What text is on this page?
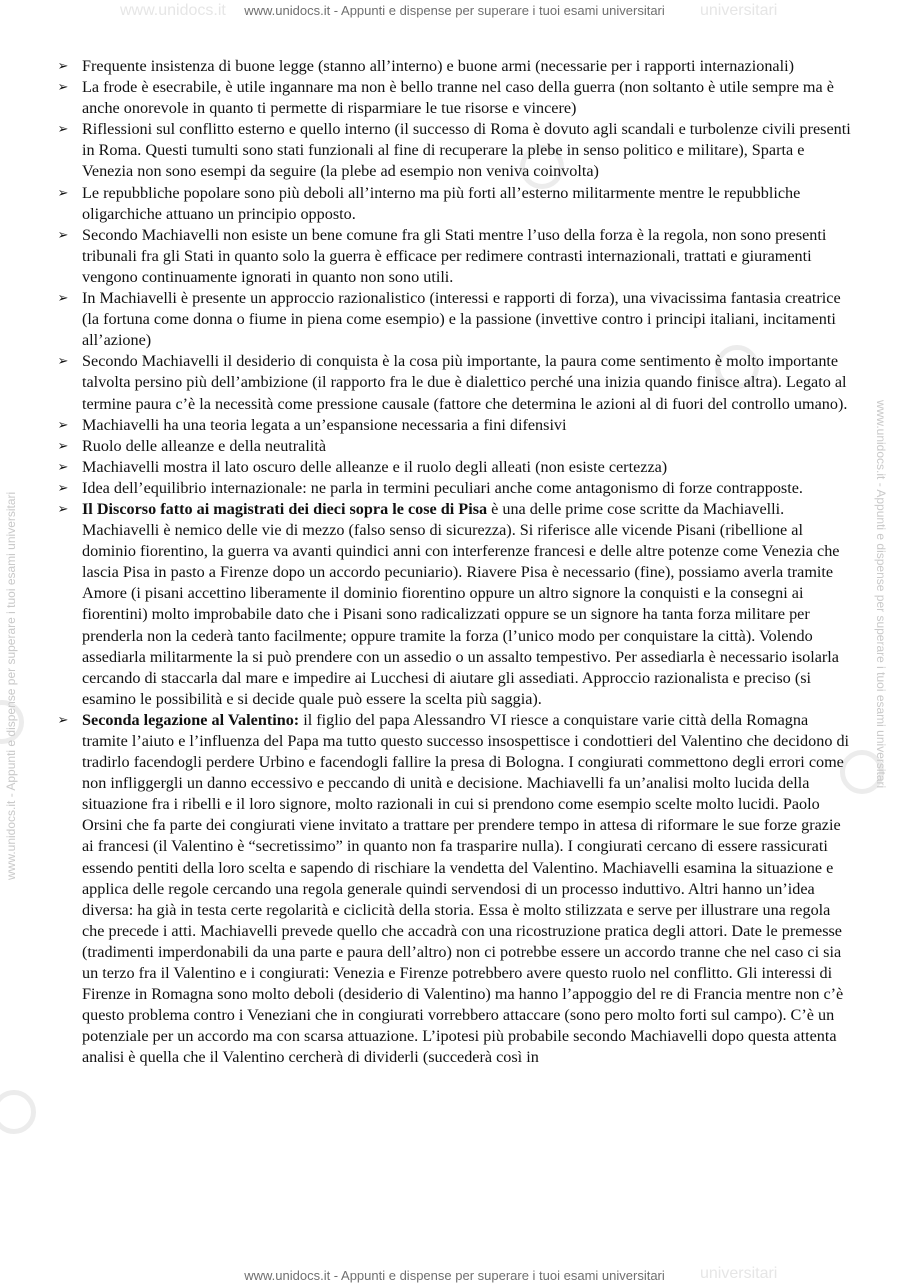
www.unidocs.it	universitari
universitari
www.unidocs.it - Appunti e dispense per superare i tuoi esami universitari
www.unidocs.it - Appunti e dispense per superare i tuoi esami universitari	www.unidocs.it - Appunti e dispense per superare i tuoi esami universitari
➢ Frequente insistenza di buone legge (stanno all’interno) e buone armi (necessarie per i rapporti internazionali)
➢ La frode è esecrabile, è utile ingannare ma non è bello tranne nel caso della guerra (non soltanto è utile sempre ma è anche onorevole in quanto ti permette di risparmiare le tue risorse e vincere)
➢ Riflessioni sul conflitto esterno e quello interno (il successo di Roma è dovuto agli scandali e turbolenze civili presenti in Roma. Questi tumulti sono stati funzionali al fine di recuperare la plebe in senso politico e militare), Sparta e Venezia non sono esempi da seguire (la plebe ad esempio non veniva coinvolta)
➢ Le repubbliche popolare sono più deboli all’interno ma più forti all’esterno militarmente mentre le repubbliche oligarchiche attuano un principio opposto.
➢ Secondo Machiavelli non esiste un bene comune fra gli Stati mentre l’uso della forza è la regola, non sono presenti tribunali fra gli Stati in quanto solo la guerra è efficace per redimere contrasti internazionali, trattati e giuramenti vengono continuamente ignorati in quanto non sono utili.
➢ In Machiavelli è presente un approccio razionalistico (interessi e rapporti di forza), una vivacissima fantasia creatrice (la fortuna come donna o fiume in piena come esempio) e la passione (invettive contro i principi italiani, incitamenti all’azione)
➢ Secondo Machiavelli il desiderio di conquista è la cosa più importante, la paura come sentimento è molto importante talvolta persino più dell’ambizione (il rapporto fra le due è dialettico perché una inizia quando finisce altra). Legato al termine paura c’è la necessità come pressione causale (fattore che determina le azioni al di fuori del controllo umano).
➢ Machiavelli ha una teoria legata a un’espansione necessaria a fini difensivi
➢ Ruolo delle alleanze e della neutralità
➢ Machiavelli mostra il lato oscuro delle alleanze e il ruolo degli alleati (non esiste certezza)
➢ Idea dell’equilibrio internazionale: ne parla in termini peculiari anche come antagonismo di forze contrapposte.
➢ Il Discorso fatto ai magistrati dei dieci sopra le cose di Pisa è una delle prime cose scritte da Machiavelli. Machiavelli è nemico delle vie di mezzo (falso senso di sicurezza). Si riferisce alle vicende Pisani (ribellione al dominio fiorentino, la guerra va avanti quindici anni con interferenze francesi e delle altre potenze come Venezia che lascia Pisa in pasto a Firenze dopo un accordo pecuniario). Riavere Pisa è necessario (fine), possiamo averla tramite Amore (i pisani accettino liberamente il dominio fiorentino oppure un altro signore la conquisti e la consegni ai fiorentini) molto improbabile dato che i Pisani sono radicalizzati oppure se un signore ha tanta forza militare per prenderla non la cederà tanto facilmente; oppure tramite la forza (l’unico modo per conquistare la città). Volendo assediarla militarmente la si può prendere con un assedio o un assalto tempestivo. Per assediarla è necessario isolarla cercando di staccarla dal mare e impedire ai Lucchesi di aiutare gli assediati. Approccio razionalista e preciso (si esamino le possibilità e si decide quale può essere la scelta più saggia).
➢ Seconda legazione al Valentino: il figlio del papa Alessandro VI riesce a conquistare varie città della Romagna tramite l’aiuto e l’influenza del Papa ma tutto questo successo insospettisce i condottieri del Valentino che decidono di tradirlo facendogli perdere Urbino e facendogli fallire la presa di Bologna. I congiurati commettono degli errori come non infliggergli un danno eccessivo e peccando di unità e decisione. Machiavelli fa un’analisi molto lucida della situazione fra i ribelli e il loro signore, molto razionali in cui si prendono come esempio scelte molto lucidi. Paolo Orsini che fa parte dei congiurati viene invitato a trattare per prendere tempo in attesa di riformare le sue forze grazie ai francesi (il Valentino è “secretissimo” in quanto non fa trasparire nulla). I congiurati cercano di essere rassicurati essendo pentiti della loro scelta e sapendo di rischiare la vendetta del Valentino. Machiavelli esamina la situazione e applica delle regole cercando una regola generale quindi servendosi di un processo induttivo. Altri hanno un’idea diversa: ha già in testa certe regolarità e ciclicità della storia. Essa è molto stilizzata e serve per illustrare una regola che precede i atti. Machiavelli prevede quello che accadrà con una ricostruzione pratica degli attori. Date le premesse (tradimenti imperdonabili da una parte e paura dell’altro) non ci potrebbe essere un accordo tranne che nel caso ci sia un terzo fra il Valentino e i congiurati: Venezia e Firenze potrebbero avere questo ruolo nel conflitto. Gli interessi di Firenze in Romagna sono molto deboli (desiderio di Valentino) ma hanno l’appoggio del re di Francia mentre non c’è questo problema contro i Veneziani che in congiurati vorrebbero attaccare (sono pero molto forti sul campo). C’è un potenziale per un accordo ma con scarsa attuazione. L’ipotesi più probabile secondo Machiavelli dopo questa attenta analisi è quella che il Valentino cercherà di dividerli (succederà così in
www.unidocs.it - Appunti e dispense per superare i tuoi esami universitari
